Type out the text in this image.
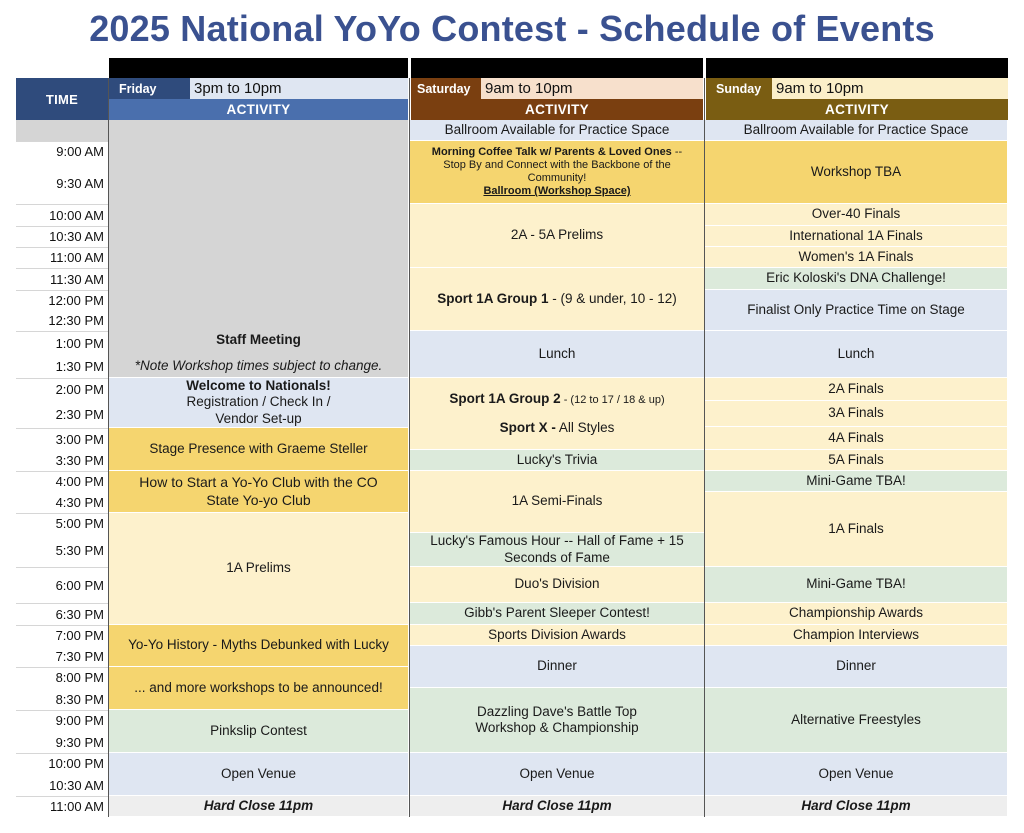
2025 National YoYo Contest - Schedule of Events
TIME
Friday	3pm to 10pm
ACTIVITY
Saturday 9am to 10pm
ACTIVITY
Sunday 9am to 10pm
ACTIVITY
9:00 AM
9:30 AM
10:00 AM
10:30 AM
11:00 AM
11:30 AM
12:00 PM
12:30 PM
1:00 PM
1:30 PM
2:00 PM
2:30 PM
3:00 PM
3:30 PM
4:00 PM
4:30 PM
5:00 PM
5:30 PM
6:00 PM
6:30 PM
7:00 PM
7:30 PM
8:00 PM
8:30 PM
9:00 PM
9:30 PM
10:00 PM
10:30 AM
11:00 AM
Staff Meeting
*Note Workshop times subject to change.
Welcome to Nationals!
Registration / Check In /
Vendor Set-up
Stage Presence with Graeme Steller
How to Start a Yo-Yo Club with the CO
State Yo-yo Club
1A Prelims
Yo-Yo History - Myths Debunked with Lucky
... and more workshops to be announced!
Pinkslip Contest
Open Venue
Hard Close 11pm
Ballroom Available for Practice Space
Morning Coffee Talk w/ Parents & Loved Ones --
Stop By and Connect with the Backbone of the
Community!
Ballroom (Workshop Space)
2A - 5A Prelims
Sport 1A Group 1 - (9 & under, 10 - 12)
Lunch
Sport 1A Group 2 - (12 to 17 / 18 & up)
Sport X - All Styles
Lucky's Trivia
1A Semi-Finals
Lucky's Famous Hour -- Hall of Fame + 15
Seconds of Fame
Duo's Division
Gibb's Parent Sleeper Contest!
Sports Division Awards
Dinner
Dazzling Dave's Battle Top
Workshop & Championship
Open Venue
Hard Close 11pm
Ballroom Available for Practice Space
Workshop TBA
Over-40 Finals
International 1A Finals
Women's 1A Finals
Eric Koloski's DNA Challenge!
Finalist Only Practice Time on Stage
Lunch
2A Finals
3A Finals
4A Finals
5A Finals
Mini-Game TBA!
1A Finals
Mini-Game TBA!
Championship Awards
Champion Interviews
Dinner
Alternative Freestyles
Open Venue
Hard Close 11pm
